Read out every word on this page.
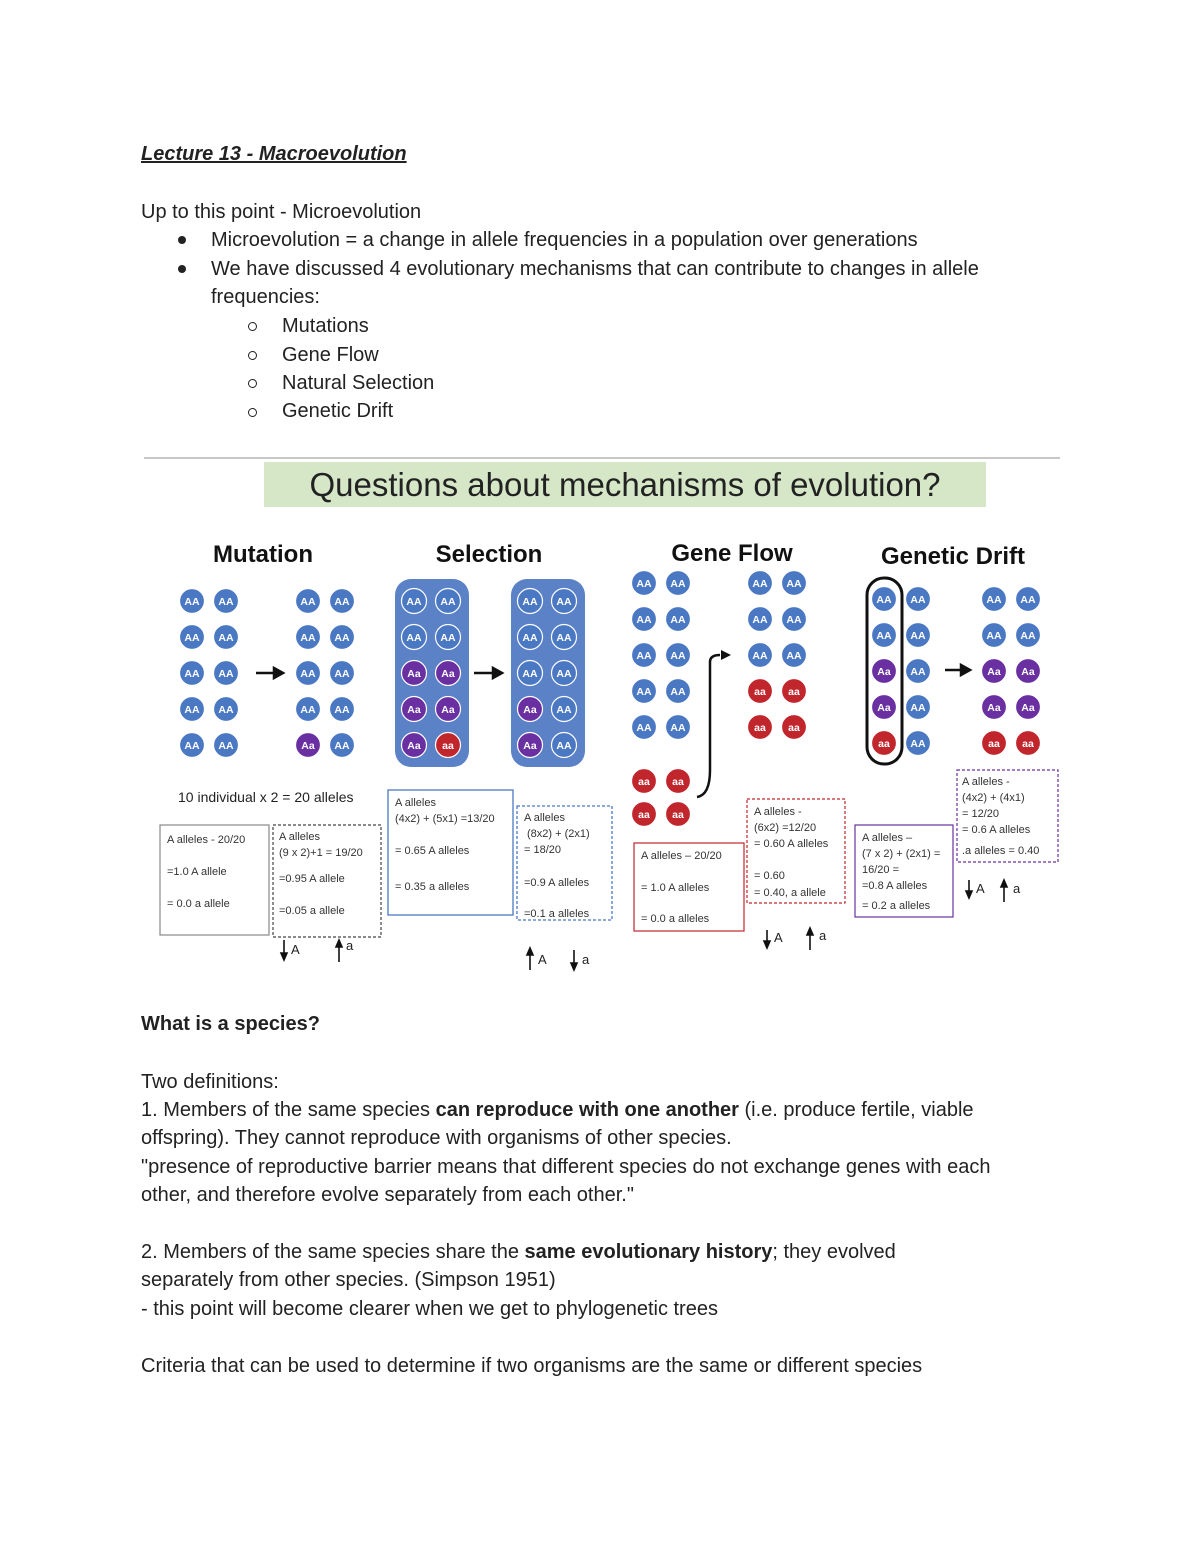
Lecture 13 - Macroevolution
Up to this point - Microevolution
Microevolution = a change in allele frequencies in a population over generations
We have discussed 4 evolutionary mechanisms that can contribute to changes in allele
frequencies:
Mutations
Gene Flow
Natural Selection
Genetic Drift
Questions about mechanisms of evolution?
Mutation	Selection	Gene Flow	Genetic Drift
AA AA
AA AA
AA AA
AA AA
AA AA
AA AA
AA AA
AA AA
AA AA
Aa AA
AA AA
AA AA
Aa Aa
Aa Aa
Aa aa
AA AA
AA AA
AA AA
Aa AA
Aa AA
AA AA
AA AA
AA AA
AA AA
AA AA
AA AA
AA AA
AA AA
aa aa
aa aa
aa aa
aa aa
AA AA
AA AA
Aa AA
Aa AA
aa AA
AA AA
AA AA
Aa Aa
Aa Aa
aa aa
10 individual x 2 = 20 alleles
A alleles - 20/20
=1.0 A allele
= 0.0 a allele
A alleles
(9 x 2)+1 = 19/20
=0.95 A allele
=0.05 a allele
A alleles
(4x2) + (5x1) =13/20
= 0.65 A alleles
= 0.35 a alleles
A alleles
(8x2) + (2x1)
= 18/20
=0.9 A alleles
=0.1 a alleles
A alleles – 20/20
= 1.0 A alleles
= 0.0 a alleles
A alleles -
(6x2) =12/20
= 0.60 A alleles
= 0.60
= 0.40, a allele
A alleles –
(7 x 2) + (2x1) =
16/20 =
=0.8 A alleles
= 0.2 a alleles
A alleles -
(4x2) + (4x1)
= 12/20
= 0.6 A alleles
.a alleles = 0.40
A	a
A	a
A	a
A a
What is a species?
Two definitions:
1. Members of the same species can reproduce with one another (i.e. produce fertile, viable
offspring). They cannot reproduce with organisms of other species.
"presence of reproductive barrier means that different species do not exchange genes with each
other, and therefore evolve separately from each other."
2. Members of the same species share the same evolutionary history; they evolved
separately from other species. (Simpson 1951)
- this point will become clearer when we get to phylogenetic trees
Criteria that can be used to determine if two organisms are the same or different species
